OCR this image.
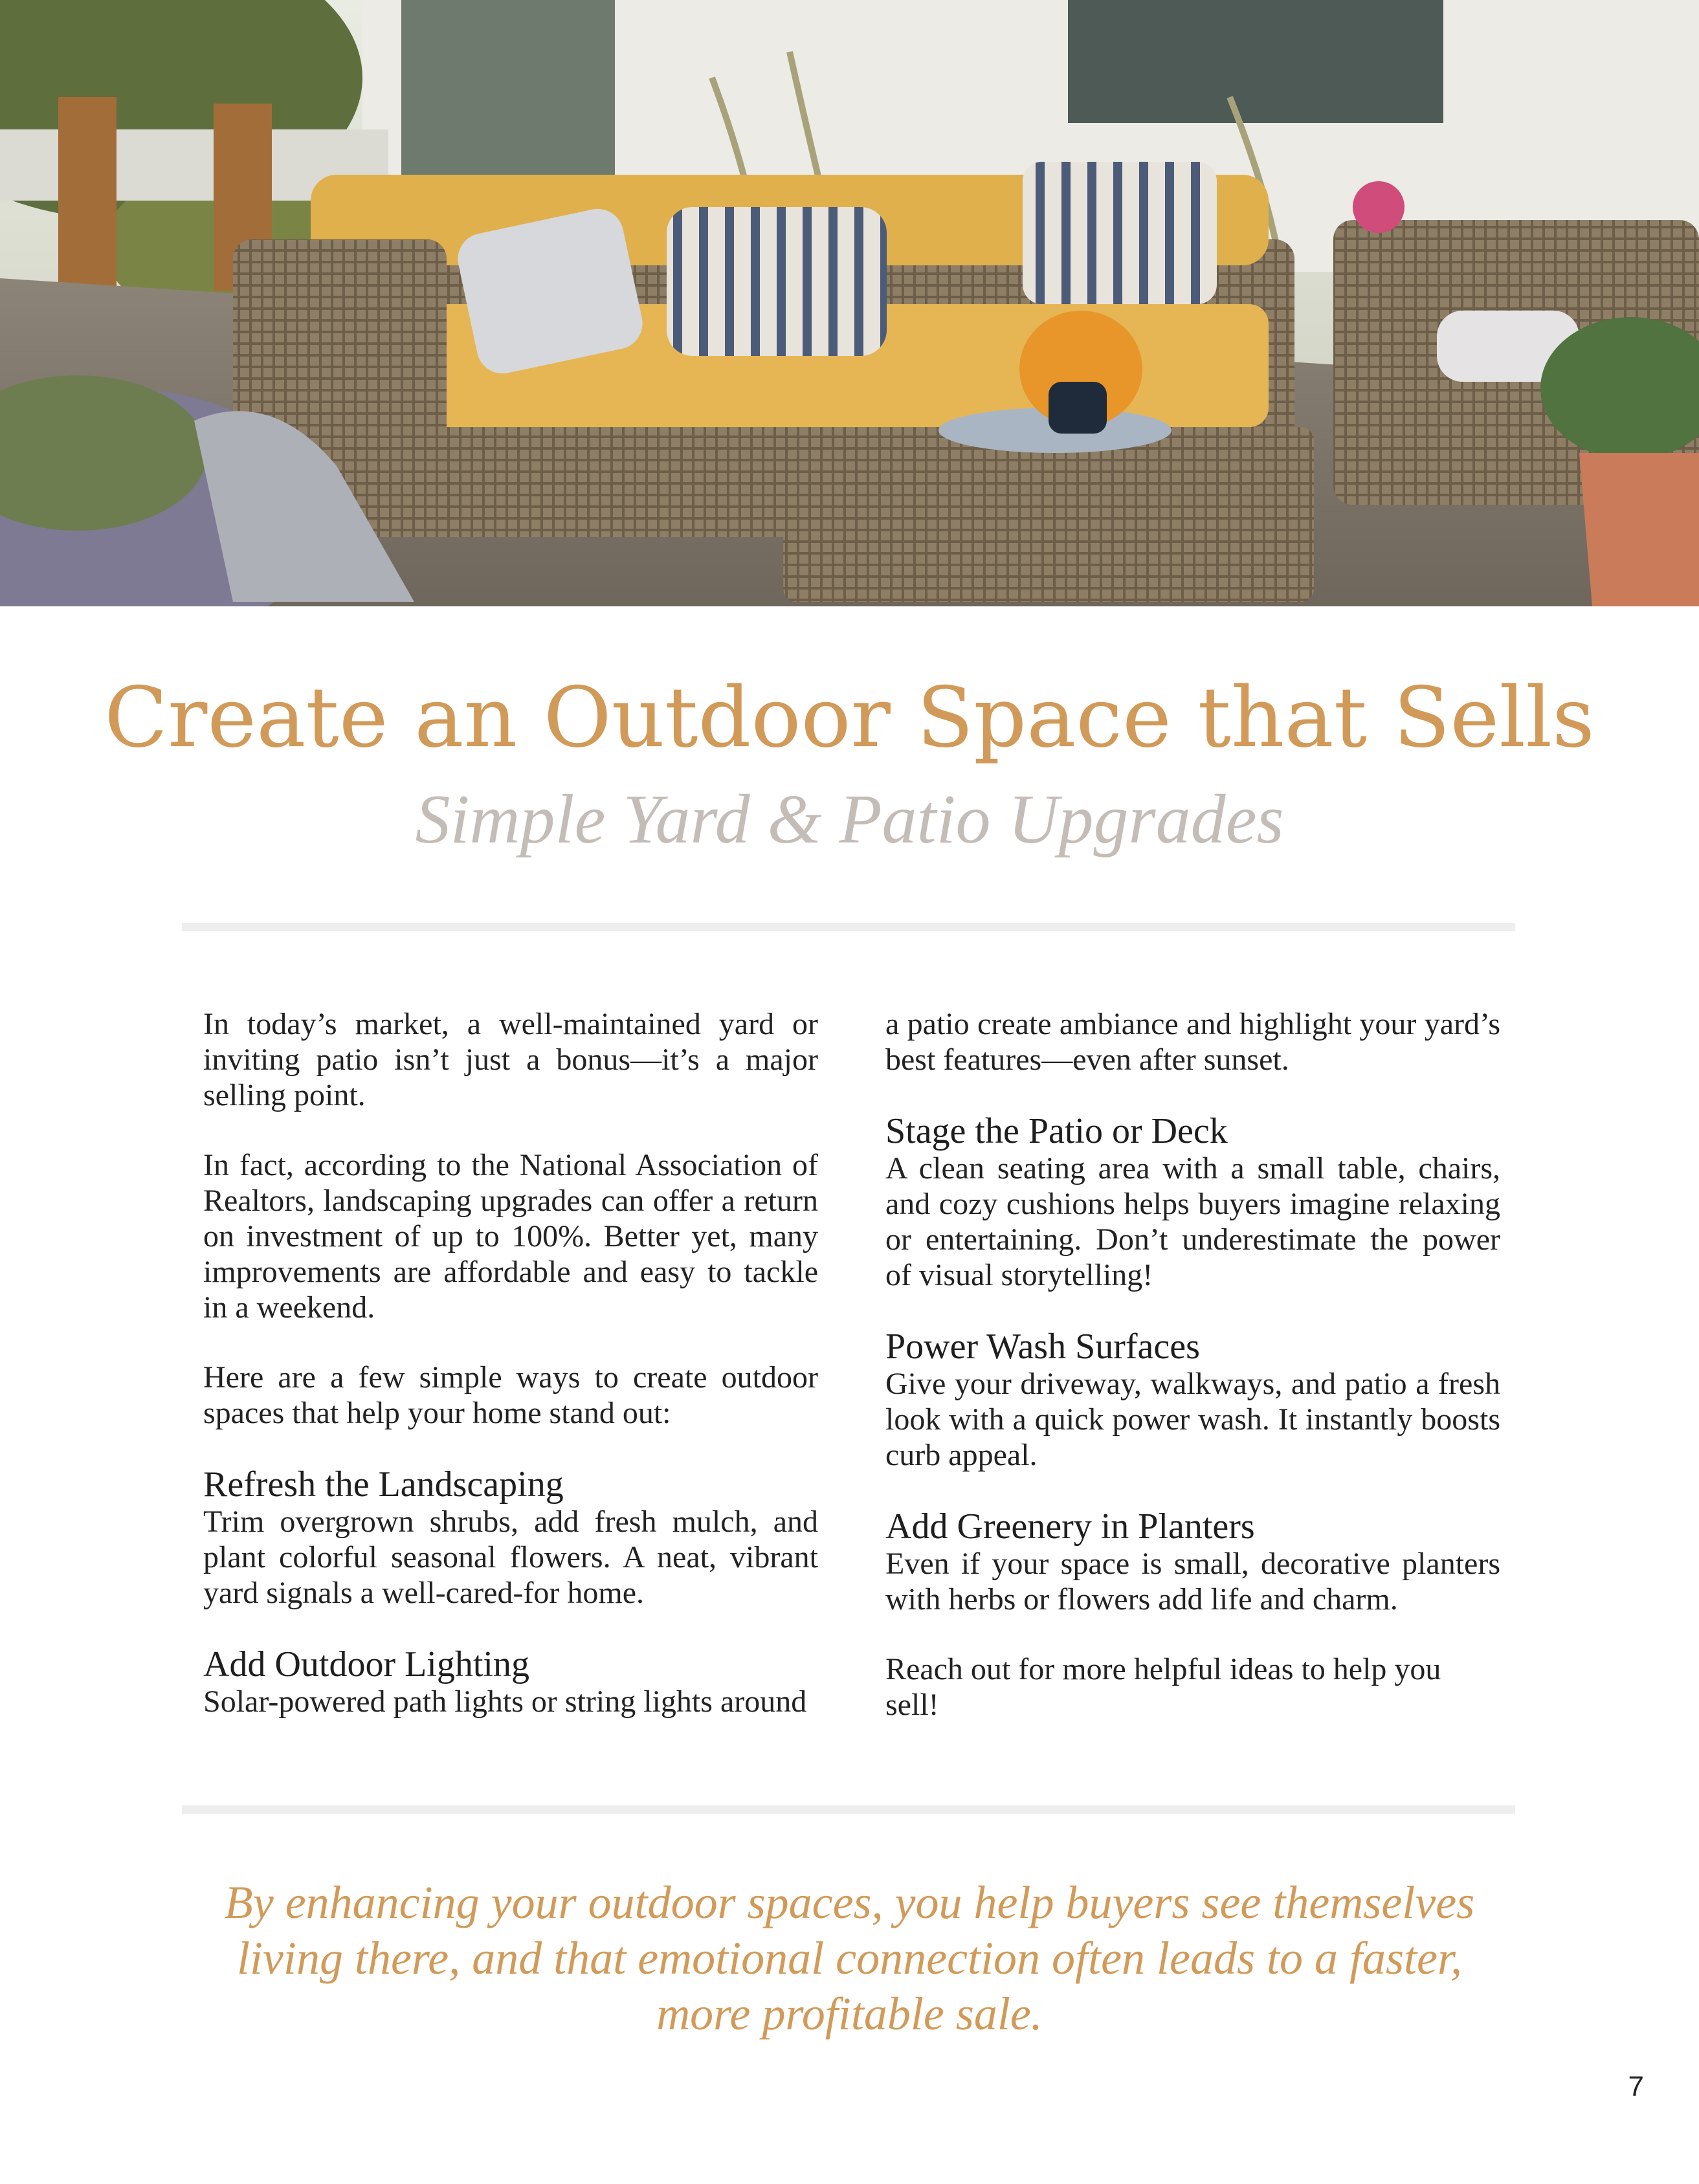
Create an Outdoor Space that Sells
Simple Yard & Patio Upgrades

In today’s market, a well-maintained yard or inviting patio isn’t just a bonus—it’s a major selling point.

In fact, according to the National Association of Realtors, landscaping upgrades can offer a return on investment of up to 100%. Better yet, many improvements are affordable and easy to tackle in a weekend.

Here are a few simple ways to create outdoor spaces that help your home stand out:

Refresh the Landscaping

Trim overgrown shrubs, add fresh mulch, and plant colorful seasonal flowers. A neat, vibrant yard signals a well-cared-for home.

Add Outdoor Lighting

Solar-powered path lights or string lights around

a patio create ambiance and highlight your yard’s best features—even after sunset.

Stage the Patio or Deck

A clean seating area with a small table, chairs, and cozy cushions helps buyers imagine relaxing or entertaining. Don’t underestimate the power of visual storytelling!

Power Wash Surfaces

Give your driveway, walkways, and patio a fresh look with a quick power wash. It instantly boosts curb appeal.

Add Greenery in Planters

Even if your space is small, decorative planters with herbs or flowers add life and charm.

Reach out for more helpful ideas to help you sell!

By enhancing your outdoor spaces, you help buyers see themselves living there, and that emotional connection often leads to a faster, more profitable sale.
7
